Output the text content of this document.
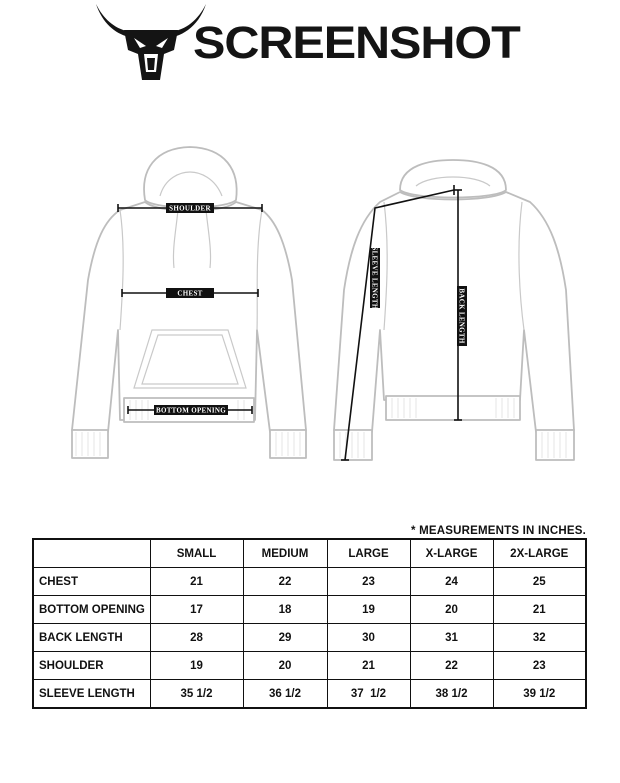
SCREENSHOT
SHOULDER
CHEST
BOTTOM OPENING
SLEEVE LENGTH
BACK LENGTH
* MEASUREMENTS IN INCHES.
	SMALL	MEDIUM	LARGE	X-LARGE	2X-LARGE
CHEST	21	22	23	24	25
BOTTOM OPENING	17	18	19	20	21
BACK LENGTH	28	29	30	31	32
SHOULDER	19	20	21	22	23
SLEEVE LENGTH	35 1/2	36 1/2	37  1/2	38 1/2	39 1/2
